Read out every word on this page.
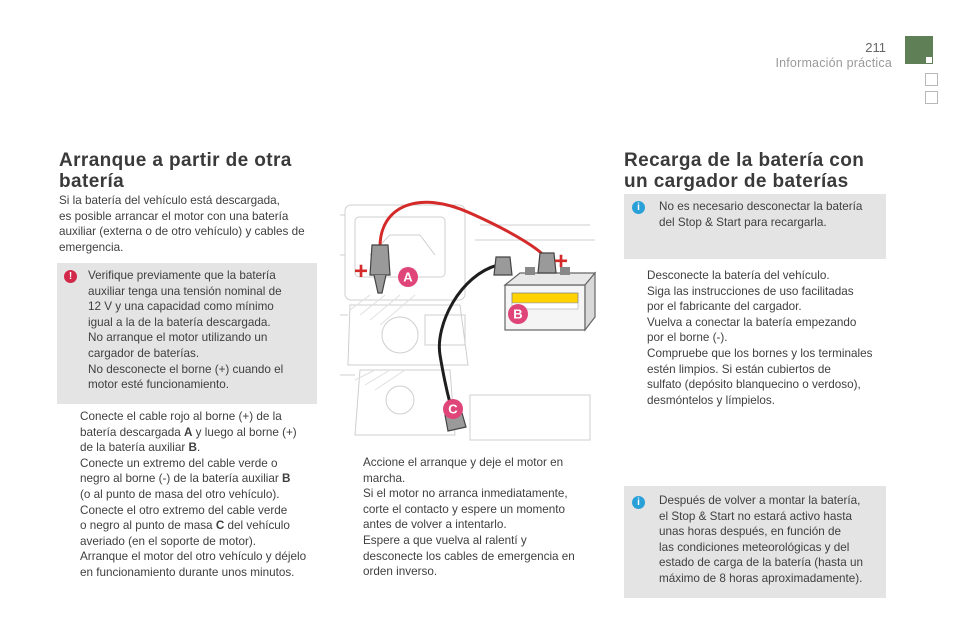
211
Información práctica
Arranque a partir de otra
batería
Si la batería del vehículo está descargada,
es posible arrancar el motor con una batería
auxiliar (externa o de otro vehículo) y cables de
emergencia.
!	Verifique previamente que la batería
auxiliar tenga una tensión nominal de
12 V y una capacidad como mínimo
igual a la de la batería descargada.
No arranque el motor utilizando un
cargador de baterías.
No desconecte el borne (+) cuando el
motor esté funcionamiento.
Conecte el cable rojo al borne (+) de la
batería descargada A y luego al borne (+)
de la batería auxiliar B.
Conecte un extremo del cable verde o
negro al borne (-) de la batería auxiliar B
(o al punto de masa del otro vehículo).
Conecte el otro extremo del cable verde
o negro al punto de masa C del vehículo
averiado (en el soporte de motor).
Arranque el motor del otro vehículo y déjelo
en funcionamiento durante unos minutos.
+	+
A
B
C
Accione el arranque y deje el motor en
marcha.
Si el motor no arranca inmediatamente,
corte el contacto y espere un momento
antes de volver a intentarlo.
Espere a que vuelva al ralentí y
desconecte los cables de emergencia en
orden inverso.
Recarga de la batería con
un cargador de baterías
i	No es necesario desconectar la batería
del Stop & Start para recargarla.
Desconecte la batería del vehículo.
Siga las instrucciones de uso facilitadas
por el fabricante del cargador.
Vuelva a conectar la batería empezando
por el borne (-).
Compruebe que los bornes y los terminales
estén limpios. Si están cubiertos de
sulfato (depósito blanquecino o verdoso),
desmóntelos y límpielos.
i	Después de volver a montar la batería,
el Stop & Start no estará activo hasta
unas horas después, en función de
las condiciones meteorológicas y del
estado de carga de la batería (hasta un
máximo de 8 horas aproximadamente).
